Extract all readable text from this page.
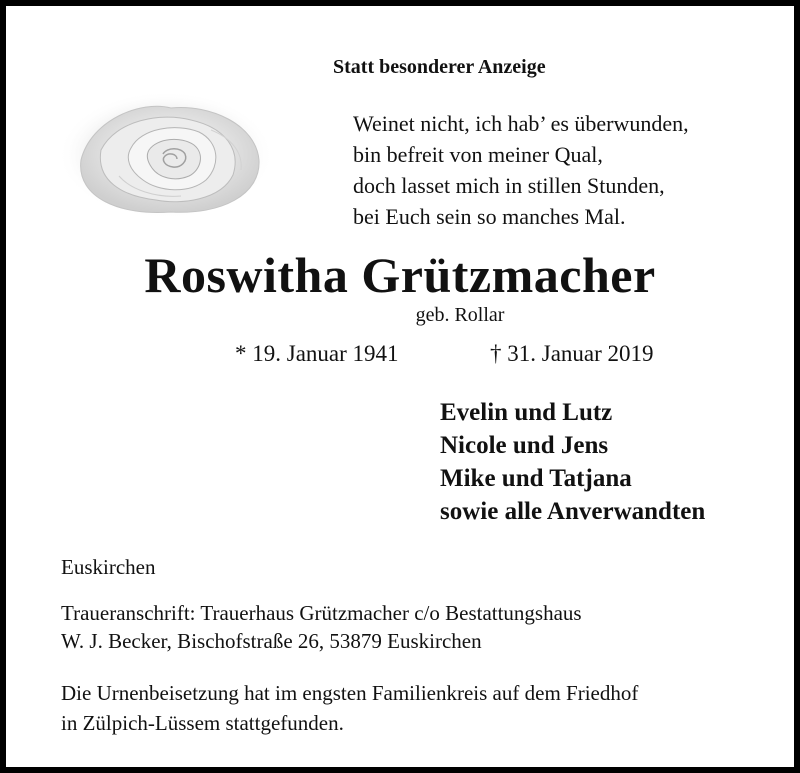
Statt besonderer Anzeige
Weinet nicht, ich hab’ es überwunden,
bin befreit von meiner Qual,
doch lasset mich in stillen Stunden,
bei Euch sein so manches Mal.
Roswitha Grützmacher
geb. Rollar
* 19. Januar 1941	† 31. Januar 2019
Evelin und Lutz
Nicole und Jens
Mike und Tatjana
sowie alle Anverwandten
Euskirchen
Traueranschrift: Trauerhaus Grützmacher c/o Bestattungshaus
W. J. Becker, Bischofstraße 26, 53879 Euskirchen
Die Urnenbeisetzung hat im engsten Familienkreis auf dem Friedhof
in Zülpich-Lüssem stattgefunden.
